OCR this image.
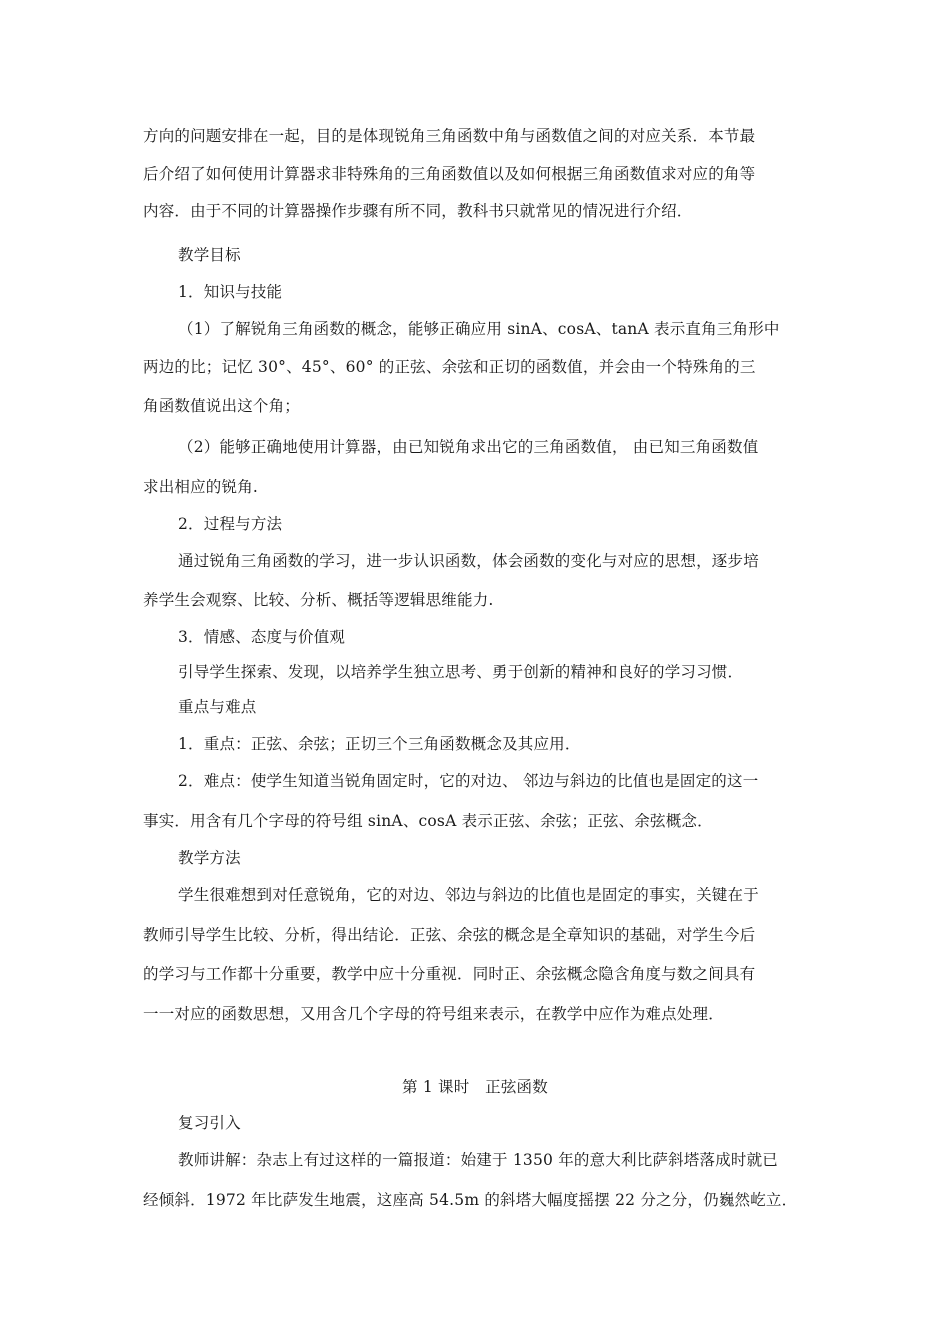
方向的问题安排在一起，目的是体现锐角三角函数中角与函数值之间的对应关系．本节最
后介绍了如何使用计算器求非特殊角的三角函数值以及如何根据三角函数值求对应的角等
内容．由于不同的计算器操作步骤有所不同，教科书只就常见的情况进行介绍．
教学目标
1．知识与技能
（1）了解锐角三角函数的概念，能够正确应用 sinA、cosA、tanA 表示直角三角形中
两边的比；记忆 30°、45°、60° 的正弦、余弦和正切的函数值，并会由一个特殊角的三
角函数值说出这个角；
（2）能够正确地使用计算器，由已知锐角求出它的三角函数值， 由已知三角函数值
求出相应的锐角.
2．过程与方法
通过锐角三角函数的学习，进一步认识函数，体会函数的变化与对应的思想，逐步培
养学生会观察、比较、分析、概括等逻辑思维能力.
3．情感、态度与价值观
引导学生探索、发现，以培养学生独立思考、勇于创新的精神和良好的学习习惯．
重点与难点
1．重点：正弦、余弦；正切三个三角函数概念及其应用．
2．难点：使学生知道当锐角固定时，它的对边、 邻边与斜边的比值也是固定的这一
事实．用含有几个字母的符号组 sinA、cosA 表示正弦、余弦；正弦、余弦概念．
教学方法
学生很难想到对任意锐角，它的对边、邻边与斜边的比值也是固定的事实，关键在于
教师引导学生比较、分析，得出结论．正弦、余弦的概念是全章知识的基础，对学生今后
的学习与工作都十分重要，教学中应十分重视．同时正、余弦概念隐含角度与数之间具有
一一对应的函数思想，又用含几个字母的符号组来表示，在教学中应作为难点处理．
第 1 课时　正弦函数
复习引入
教师讲解：杂志上有过这样的一篇报道：始建于 1350 年的意大利比萨斜塔落成时就已
经倾斜．1972 年比萨发生地震，这座高 54.5m 的斜塔大幅度摇摆 22 分之分，仍巍然屹立．
